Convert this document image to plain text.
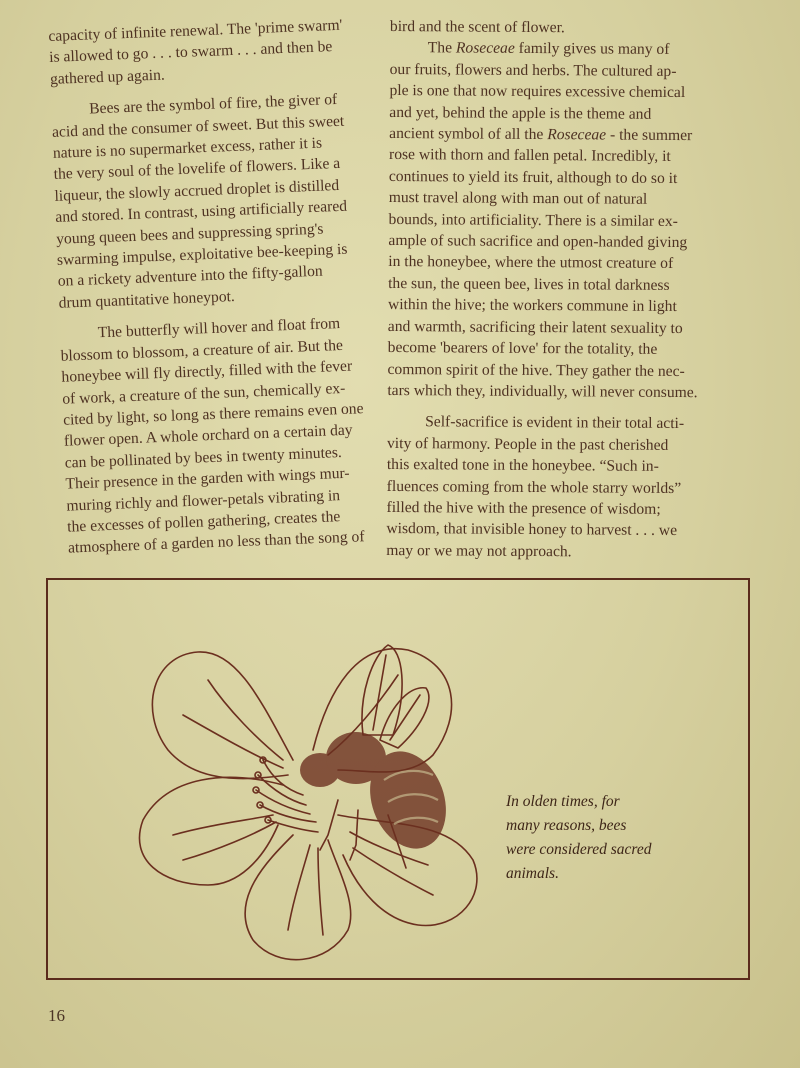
capacity of infinite renewal. The 'prime swarm'
is allowed to go . . . to swarm . . . and then be
gathered up again.

Bees are the symbol of fire, the giver of
acid and the consumer of sweet. But this sweet
nature is no supermarket excess, rather it is
the very soul of the lovelife of flowers. Like a
liqueur, the slowly accrued droplet is distilled
and stored. In contrast, using artificially reared
young queen bees and suppressing spring's
swarming impulse, exploitative bee-keeping is
on a rickety adventure into the fifty-gallon
drum quantitative honeypot.

The butterfly will hover and float from
blossom to blossom, a creature of air. But the
honeybee will fly directly, filled with the fever
of work, a creature of the sun, chemically ex-
cited by light, so long as there remains even one
flower open. A whole orchard on a certain day
can be pollinated by bees in twenty minutes.
Their presence in the garden with wings mur-
muring richly and flower-petals vibrating in
the excesses of pollen gathering, creates the
atmosphere of a garden no less than the song of

bird and the scent of flower.

The Roseceae family gives us many of
our fruits, flowers and herbs. The cultured ap-
ple is one that now requires excessive chemical
and yet, behind the apple is the theme and
ancient symbol of all the Roseceae - the summer
rose with thorn and fallen petal. Incredibly, it
continues to yield its fruit, although to do so it
must travel along with man out of natural
bounds, into artificiality. There is a similar ex-
ample of such sacrifice and open-handed giving
in the honeybee, where the utmost creature of
the sun, the queen bee, lives in total darkness
within the hive; the workers commune in light
and warmth, sacrificing their latent sexuality to
become 'bearers of love' for the totality, the
common spirit of the hive. They gather the nec-
tars which they, individually, will never consume.

Self-sacrifice is evident in their total acti-
vity of harmony. People in the past cherished
this exalted tone in the honeybee. “Such in-
fluences coming from the whole starry worlds”
filled the hive with the presence of wisdom;
wisdom, that invisible honey to harvest . . . we
may or we may not approach.

In olden times, for
many reasons, bees
were considered sacred
animals.
16
